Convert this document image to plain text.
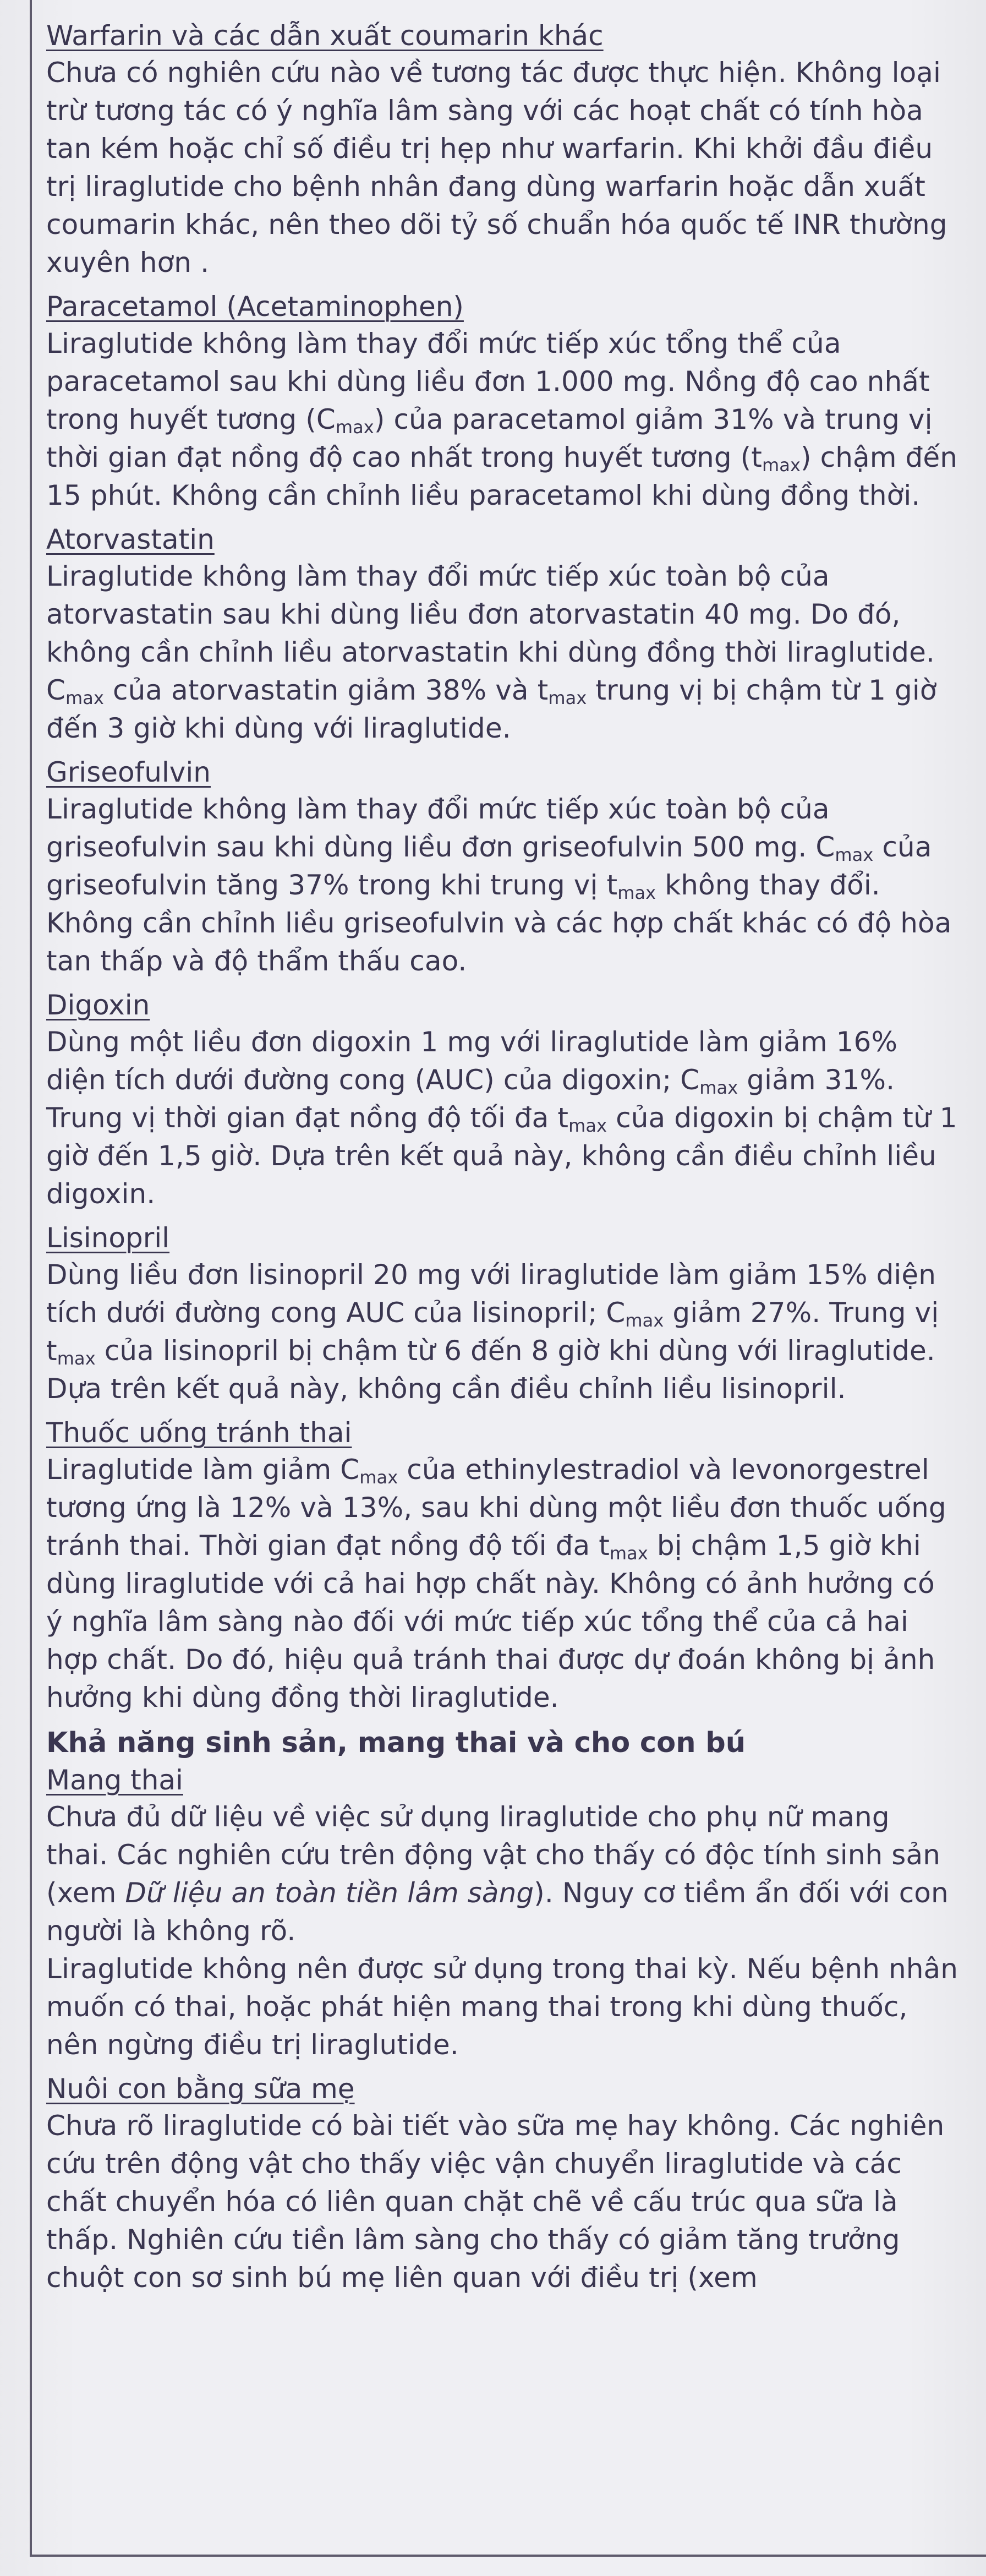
Warfarin và các dẫn xuất coumarin khác

Chưa có nghiên cứu nào về tương tác được thực hiện. Không loại trừ tương tác có ý nghĩa lâm sàng với các hoạt chất có tính hòa tan kém hoặc chỉ số điều trị hẹp như warfarin. Khi khởi đầu điều trị liraglutide cho bệnh nhân đang dùng warfarin hoặc dẫn xuất coumarin khác, nên theo dõi tỷ số chuẩn hóa quốc tế INR thường xuyên hơn .

Paracetamol (Acetaminophen)

Liraglutide không làm thay đổi mức tiếp xúc tổng thể của paracetamol sau khi dùng liều đơn 1.000 mg. Nồng độ cao nhất trong huyết tương $(C_{max})$ của paracetamol giảm 31% và trung vị thời gian đạt nồng độ cao nhất trong huyết tương $(t_{max})$ chậm đến 15 phút. Không cần chỉnh liều paracetamol khi dùng đồng thời.

Atorvastatin

Liraglutide không làm thay đổi mức tiếp xúc toàn bộ của atorvastatin sau khi dùng liều đơn atorvastatin 40 mg. Do đó, không cần chỉnh liều atorvastatin khi dùng đồng thời liraglutide. $C_{max}$ của atorvastatin giảm 38% và $t_{max}$ trung vị bị chậm từ 1 giờ đến 3 giờ khi dùng với liraglutide.

Griseofulvin

Liraglutide không làm thay đổi mức tiếp xúc toàn bộ của griseofulvin sau khi dùng liều đơn griseofulvin 500 mg. $C_{max}$ của griseofulvin tăng 37% trong khi trung vị $t_{max}$ không thay đổi. Không cần chỉnh liều griseofulvin và các hợp chất khác có độ hòa tan thấp và độ thẩm thấu cao.

Digoxin

Dùng một liều đơn digoxin 1 mg với liraglutide làm giảm 16% diện tích dưới đường cong (AUC) của digoxin; $C_{max}$ giảm 31%. Trung vị thời gian đạt nồng độ tối đa $t_{max}$ của digoxin bị chậm từ 1 giờ đến 1,5 giờ. Dựa trên kết quả này, không cần điều chỉnh liều digoxin.

Lisinopril

Dùng liều đơn lisinopril 20 mg với liraglutide làm giảm 15% diện tích dưới đường cong AUC của lisinopril; $C_{max}$ giảm 27%. Trung vị $t_{max}$ của lisinopril bị chậm từ 6 đến 8 giờ khi dùng với liraglutide. Dựa trên kết quả này, không cần điều chỉnh liều lisinopril.

Thuốc uống tránh thai

Liraglutide làm giảm $C_{max}$ của ethinylestradiol và levonorgestrel tương ứng là 12% và 13%, sau khi dùng một liều đơn thuốc uống tránh thai. Thời gian đạt nồng độ tối đa $t_{max}$ bị chậm 1,5 giờ khi dùng liraglutide với cả hai hợp chất này. Không có ảnh hưởng có ý nghĩa lâm sàng nào đối với mức tiếp xúc tổng thể của cả hai hợp chất. Do đó, hiệu quả tránh thai được dự đoán không bị ảnh hưởng khi dùng đồng thời liraglutide.

Khả năng sinh sản, mang thai và cho con bú
Mang thai

Chưa đủ dữ liệu về việc sử dụng liraglutide cho phụ nữ mang thai. Các nghiên cứu trên động vật cho thấy có độc tính sinh sản (xem Dữ liệu an toàn tiền lâm sàng). Nguy cơ tiềm ẩn đối với con người là không rõ.

Liraglutide không nên được sử dụng trong thai kỳ. Nếu bệnh nhân muốn có thai, hoặc phát hiện mang thai trong khi dùng thuốc, nên ngừng điều trị liraglutide.

Nuôi con bằng sữa mẹ

Chưa rõ liraglutide có bài tiết vào sữa mẹ hay không. Các nghiên cứu trên động vật cho thấy việc vận chuyển liraglutide và các chất chuyển hóa có liên quan chặt chẽ về cấu trúc qua sữa là thấp. Nghiên cứu tiền lâm sàng cho thấy có giảm tăng trưởng chuột con sơ sinh bú mẹ liên quan với điều trị (xem
